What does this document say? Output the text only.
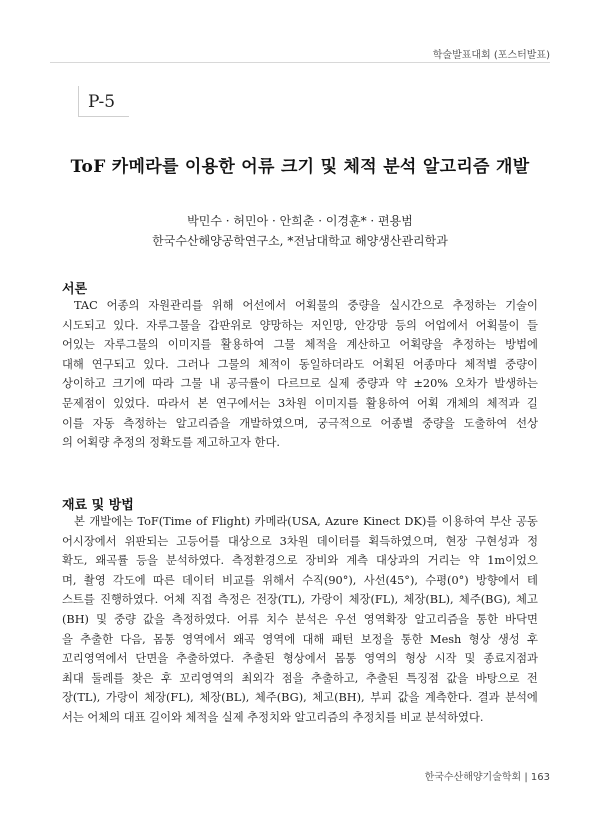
학술발표대회 (포스터발표)
P-5
ToF 카메라를 이용한 어류 크기 및 체적 분석 알고리즘 개발
박민수 · 허민아 · 안희춘 · 이경훈* · 편용범
한국수산해양공학연구소, *전남대학교 해양생산관리학과
서론
TAC 어종의 자원관리를 위해 어선에서 어획물의 중량을 실시간으로 추정하는 기술이
시도되고 있다. 자루그물을 갑판위로 양망하는 저인망, 안강망 등의 어업에서 어획물이 들
어있는 자루그물의 이미지를 활용하여 그물 체적을 계산하고 어획량을 추정하는 방법에
대해 연구되고 있다. 그러나 그물의 체적이 동일하더라도 어획된 어종마다 체적별 중량이
상이하고 크기에 따라 그물 내 공극률이 다르므로 실제 중량과 약 ±20% 오차가 발생하는
문제점이 있었다. 따라서 본 연구에서는 3차원 이미지를 활용하여 어획 개체의 체적과 길
이를 자동 측정하는 알고리즘을 개발하였으며, 궁극적으로 어종별 중량을 도출하여 선상
의 어획량 추정의 정확도를 제고하고자 한다.
재료 및 방법
본 개발에는 ToF(Time of Flight) 카메라(USA, Azure Kinect DK)를 이용하여 부산 공동
어시장에서 위판되는 고등어를 대상으로 3차원 데이터를 획득하였으며, 현장 구현성과 정
확도, 왜곡률 등을 분석하였다. 측정환경으로 장비와 계측 대상과의 거리는 약 1m이었으
며, 촬영 각도에 따른 데이터 비교를 위해서 수직(90°), 사선(45°), 수평(0°) 방향에서 테
스트를 진행하였다. 어체 직접 측정은 전장(TL), 가랑이 체장(FL), 체장(BL), 체주(BG), 체고
(BH) 및 중량 값을 측정하였다. 어류 치수 분석은 우선 영역확장 알고리즘을 통한 바닥면
을 추출한 다음, 몸통 영역에서 왜곡 영역에 대해 패턴 보정을 통한 Mesh 형상 생성 후
꼬리영역에서 단면을 추출하였다. 추출된 형상에서 몸통 영역의 형상 시작 및 종료지점과
최대 둘레를 찾은 후 꼬리영역의 최외각 점을 추출하고, 추출된 특징점 값을 바탕으로 전
장(TL), 가랑이 체장(FL), 체장(BL), 체주(BG), 체고(BH), 부피 값을 계측한다. 결과 분석에
서는 어체의 대표 길이와 체적을 실제 추정치와 알고리즘의 추정치를 비교 분석하였다.
한국수산해양기술학회 | 163
